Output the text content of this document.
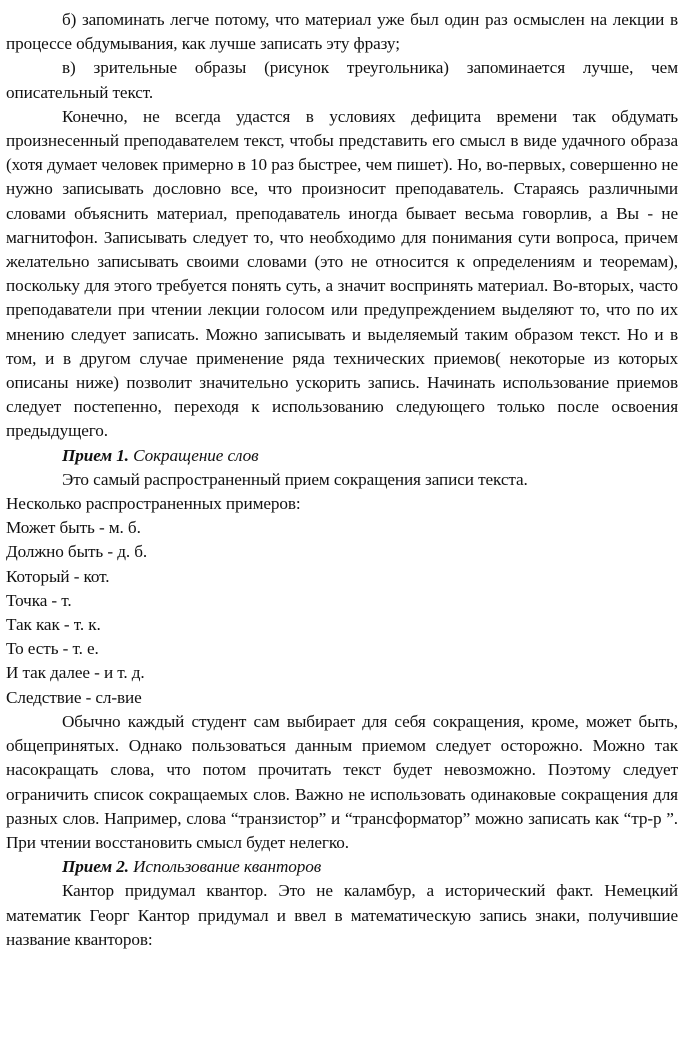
б) запоминать легче потому, что материал уже был один раз осмыслен на лекции в процессе обдумывания, как лучше записать эту фразу;

в) зрительные образы (рисунок треугольника) запоминается лучше, чем описательный текст.

Конечно, не всегда удастся в условиях дефицита времени так обдумать произнесенный преподавателем текст, чтобы представить его смысл в виде удачного образа (хотя думает человек примерно в 10 раз быстрее, чем пишет). Но, во-первых, совершенно не нужно записывать дословно все, что произносит преподаватель. Стараясь различными словами объяснить материал, преподаватель иногда бывает весьма говорлив, а Вы - не магнитофон. Записывать следует то, что необходимо для понимания сути вопроса, причем желательно записывать своими словами (это не относится к определениям и теоремам), поскольку для этого требуется понять суть, а значит воспринять материал. Во-вторых, часто преподаватели при чтении лекции голосом или предупреждением выделяют то, что по их мнению следует записать. Можно записывать и выделяемый таким образом текст. Но и в том, и в другом случае применение ряда технических приемов( некоторые из которых описаны ниже) позволит значительно ускорить запись. Начинать использование приемов следует постепенно, переходя к использованию следующего только после освоения предыдущего.

Прием 1. Сокращение слов

Это самый распространенный прием сокращения записи текста.

Несколько распространенных примеров:

Может быть - м. б.
Должно быть - д. б.
Который - кот.
Точка - т.
Так как - т. к.
То есть - т. е.
И так далее - и т. д.
Следствие - сл-вие

Обычно каждый студент сам выбирает для себя сокращения, кроме, может быть, общепринятых. Однако пользоваться данным приемом следует осторожно. Можно так насокращать слова, что потом прочитать текст будет невозможно. Поэтому следует ограничить список сокращаемых слов. Важно не использовать одинаковые сокращения для разных слов. Например, слова “транзистор” и “трансформатор” можно записать как “тр-р ”. При чтении восстановить смысл будет нелегко.

Прием 2. Использование кванторов

Кантор придумал квантор. Это не каламбур, а исторический факт. Немецкий математик Георг Кантор придумал и ввел в математическую запись знаки, получившие название кванторов:
